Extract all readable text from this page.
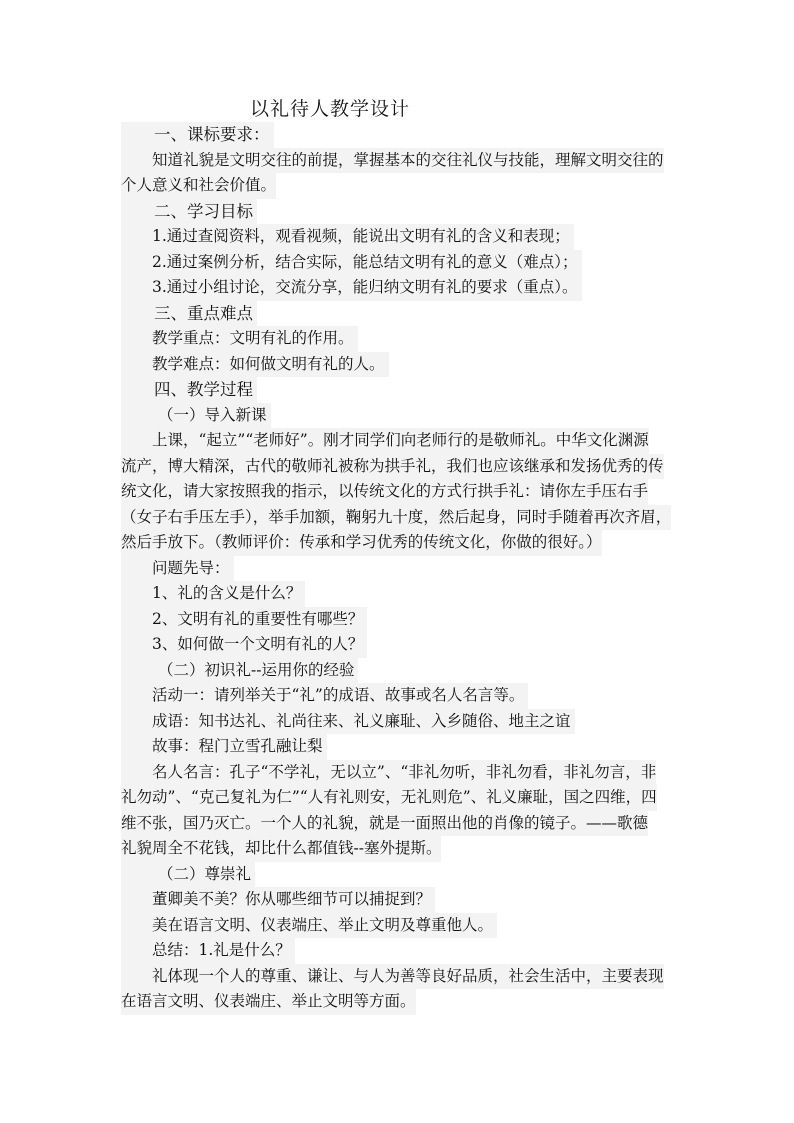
以礼待人教学设计
一、课标要求：
知道礼貌是文明交往的前提，掌握基本的交往礼仪与技能，理解文明交往的
个人意义和社会价值。
二、学习目标
1.通过查阅资料，观看视频，能说出文明有礼的含义和表现；
2.通过案例分析，结合实际，能总结文明有礼的意义（难点）；
3.通过小组讨论，交流分享，能归纳文明有礼的要求（重点）。
三、重点难点
教学重点：文明有礼的作用。
教学难点：如何做文明有礼的人。
四、教学过程
（一）导入新课
上课，“起立”“老师好”。刚才同学们向老师行的是敬师礼。中华文化渊源
流产，博大精深，古代的敬师礼被称为拱手礼，我们也应该继承和发扬优秀的传
统文化，请大家按照我的指示，以传统文化的方式行拱手礼：请你左手压右手
（女子右手压左手），举手加额，鞠躬九十度，然后起身，同时手随着再次齐眉，
然后手放下。（教师评价：传承和学习优秀的传统文化，你做的很好。）
问题先导：
1、礼的含义是什么？
2、文明有礼的重要性有哪些？
3、如何做一个文明有礼的人？
（二）初识礼--运用你的经验
活动一：请列举关于“礼”的成语、故事或名人名言等。
成语：知书达礼、礼尚往来、礼义廉耻、入乡随俗、地主之谊
故事：程门立雪孔融让梨
名人名言：孔子“不学礼，无以立”、“非礼勿听，非礼勿看，非礼勿言，非
礼勿动”、“克己复礼为仁”“人有礼则安，无礼则危”、礼义廉耻，国之四维，四
维不张，国乃灭亡。一个人的礼貌，就是一面照出他的肖像的镜子。——歌德
礼貌周全不花钱，却比什么都值钱--塞外提斯。
（二）尊崇礼
董卿美不美？你从哪些细节可以捕捉到？
美在语言文明、仪表端庄、举止文明及尊重他人。
总结：1.礼是什么？
礼体现一个人的尊重、谦让、与人为善等良好品质，社会生活中，主要表现
在语言文明、仪表端庄、举止文明等方面。
